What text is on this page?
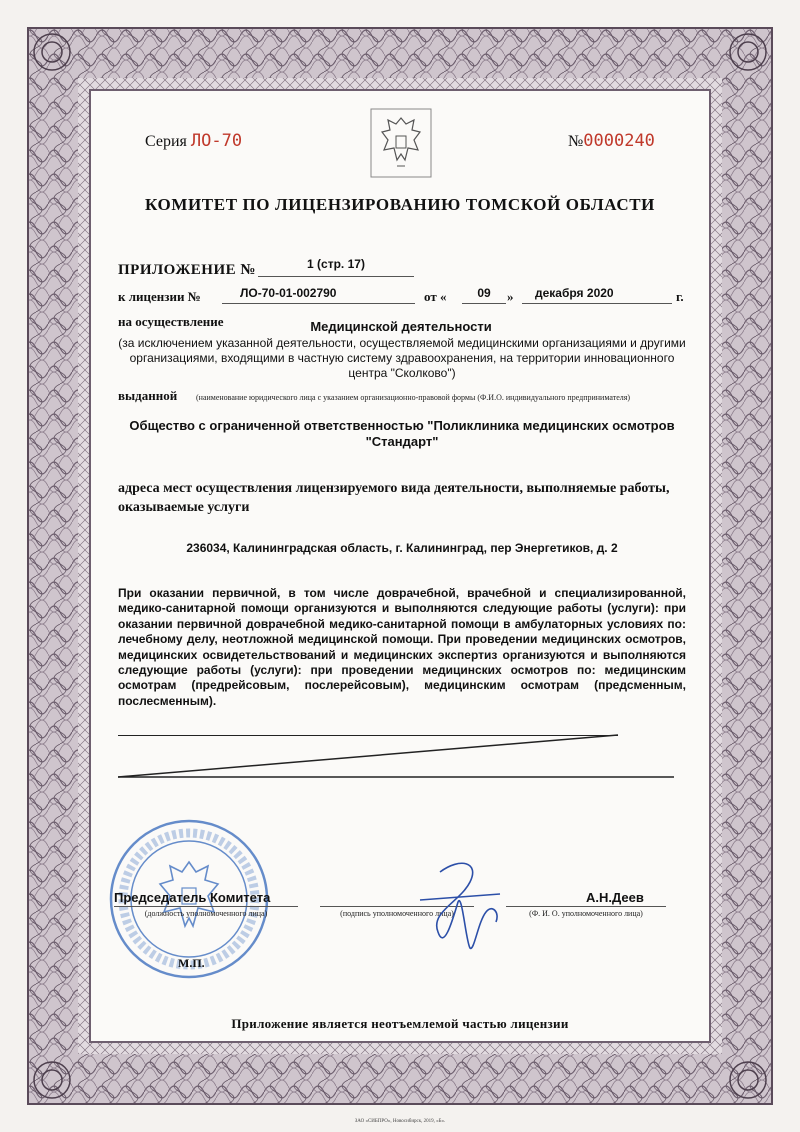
Серия ЛО-70	№0000240
КОМИТЕТ ПО ЛИЦЕНЗИРОВАНИЮ ТОМСКОЙ ОБЛАСТИ
ПРИЛОЖЕНИЕ №	1 (стр. 17)
к лицензии №	ЛО-70-01-002790	от «	09	» декабря 2020	г.
на осуществление	Медицинской деятельности
(за исключением указанной деятельности, осуществляемой медицинскими организациями и другими организациями, входящими в частную систему здравоохранения, на территории инновационного центра "Сколково")
выданной (наименование юридического лица с указанием организационно-правовой формы (Ф.И.О. индивидуального предпринимателя)
Общество с ограниченной ответственностью "Поликлиника медицинских осмотров "Стандарт"
адреса мест осуществления лицензируемого вида деятельности, выполняемые работы, оказываемые услуги
236034, Калининградская область, г. Калининград, пер Энергетиков, д. 2
При оказании первичной, в том числе доврачебной, врачебной и специализированной, медико-санитарной помощи организуются и выполняются следующие работы (услуги): при оказании первичной доврачебной медико-санитарной помощи в амбулаторных условиях по: лечебному делу, неотложной медицинской помощи. При проведении медицинских осмотров, медицинских освидетельствований и медицинских экспертиз организуются и выполняются следующие работы (услуги): при проведении медицинских осмотров по: медицинским осмотрам (предрейсовым, послерейсовым), медицинским осмотрам (предсменным, послесменным).
Председатель Комитета
(должность уполномоченного лица)	(подпись уполномоченного лица)
А.Н.Деев
(Ф. И. О. уполномоченного лица)
М.П.
Приложение является неотъемлемой частью лицензии
ЗАО «СИБПРО», Новосибирск, 2019, «Б».
